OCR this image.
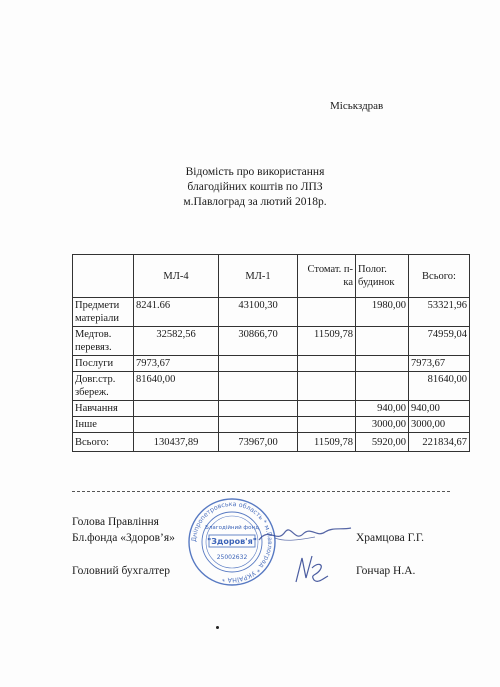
Міськздрав
Відомість про використання
благодійних коштів по ЛПЗ
м.Павлоград за лютий 2018р.
	МЛ-4	МЛ-1	Стомат. п-ка	Полог. будинок	Всього:
Предмети матеріали	8241.66	43100,30		1980,00	53321,96
Медтов. перевяз.	32582,56	30866,70	11509,78		74959,04
Послуги	7973,67				7973,67
Довг.стр. збереж.	81640,00				81640,00
Навчання				940,00	940,00
Інше				3000,00	3000,00
Всього:	130437,89	73967,00	11509,78	5920,00	221834,67
Голова Правління
Бл.фонда «Здоров’я»	Храмцова Г.Г.
Головний бухгалтер	Гончар Н.А.
Дніпропетровська область * м.Павлоград * УКРАЇНА *
Благодійний фонд
"Здоров'я"
25002632
